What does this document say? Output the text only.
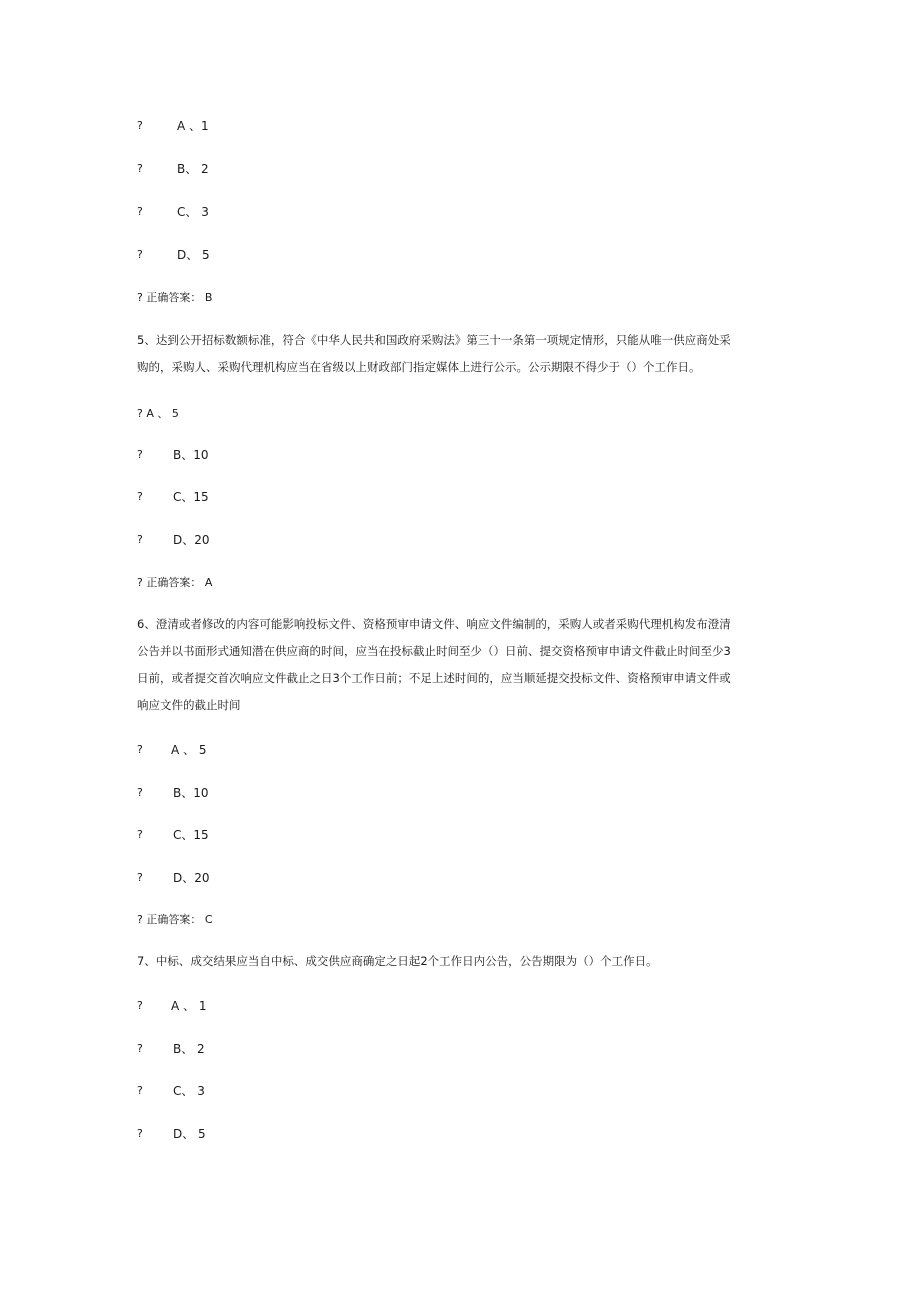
?	A 、1
?	B、 2
?	C、 3
?	D、 5
? 正确答案： B
5、达到公开招标数额标准，符合《中华人民共和国政府采购法》第三十一条第一项规定情形，只能从唯一供应商处采
购的，采购人、采购代理机构应当在省级以上财政部门指定媒体上进行公示。公示期限不得少于（）个工作日。
? A 、 5
?	B、10
?	C、15
?	D、20
? 正确答案： A
6、澄清或者修改的内容可能影响投标文件、资格预审申请文件、响应文件编制的，采购人或者采购代理机构发布澄清
公告并以书面形式通知潜在供应商的时间，应当在投标截止时间至少（）日前、提交资格预审申请文件截止时间至少3
日前，或者提交首次响应文件截止之日3个工作日前；不足上述时间的，应当顺延提交投标文件、资格预审申请文件或
响应文件的截止时间
? A 、 5
?	B、10
?	C、15
?	D、20
? 正确答案： C
7、中标、成交结果应当自中标、成交供应商确定之日起2个工作日内公告，公告期限为（）个工作日。
? A 、 1
?	B、 2
?	C、 3
?	D、 5
